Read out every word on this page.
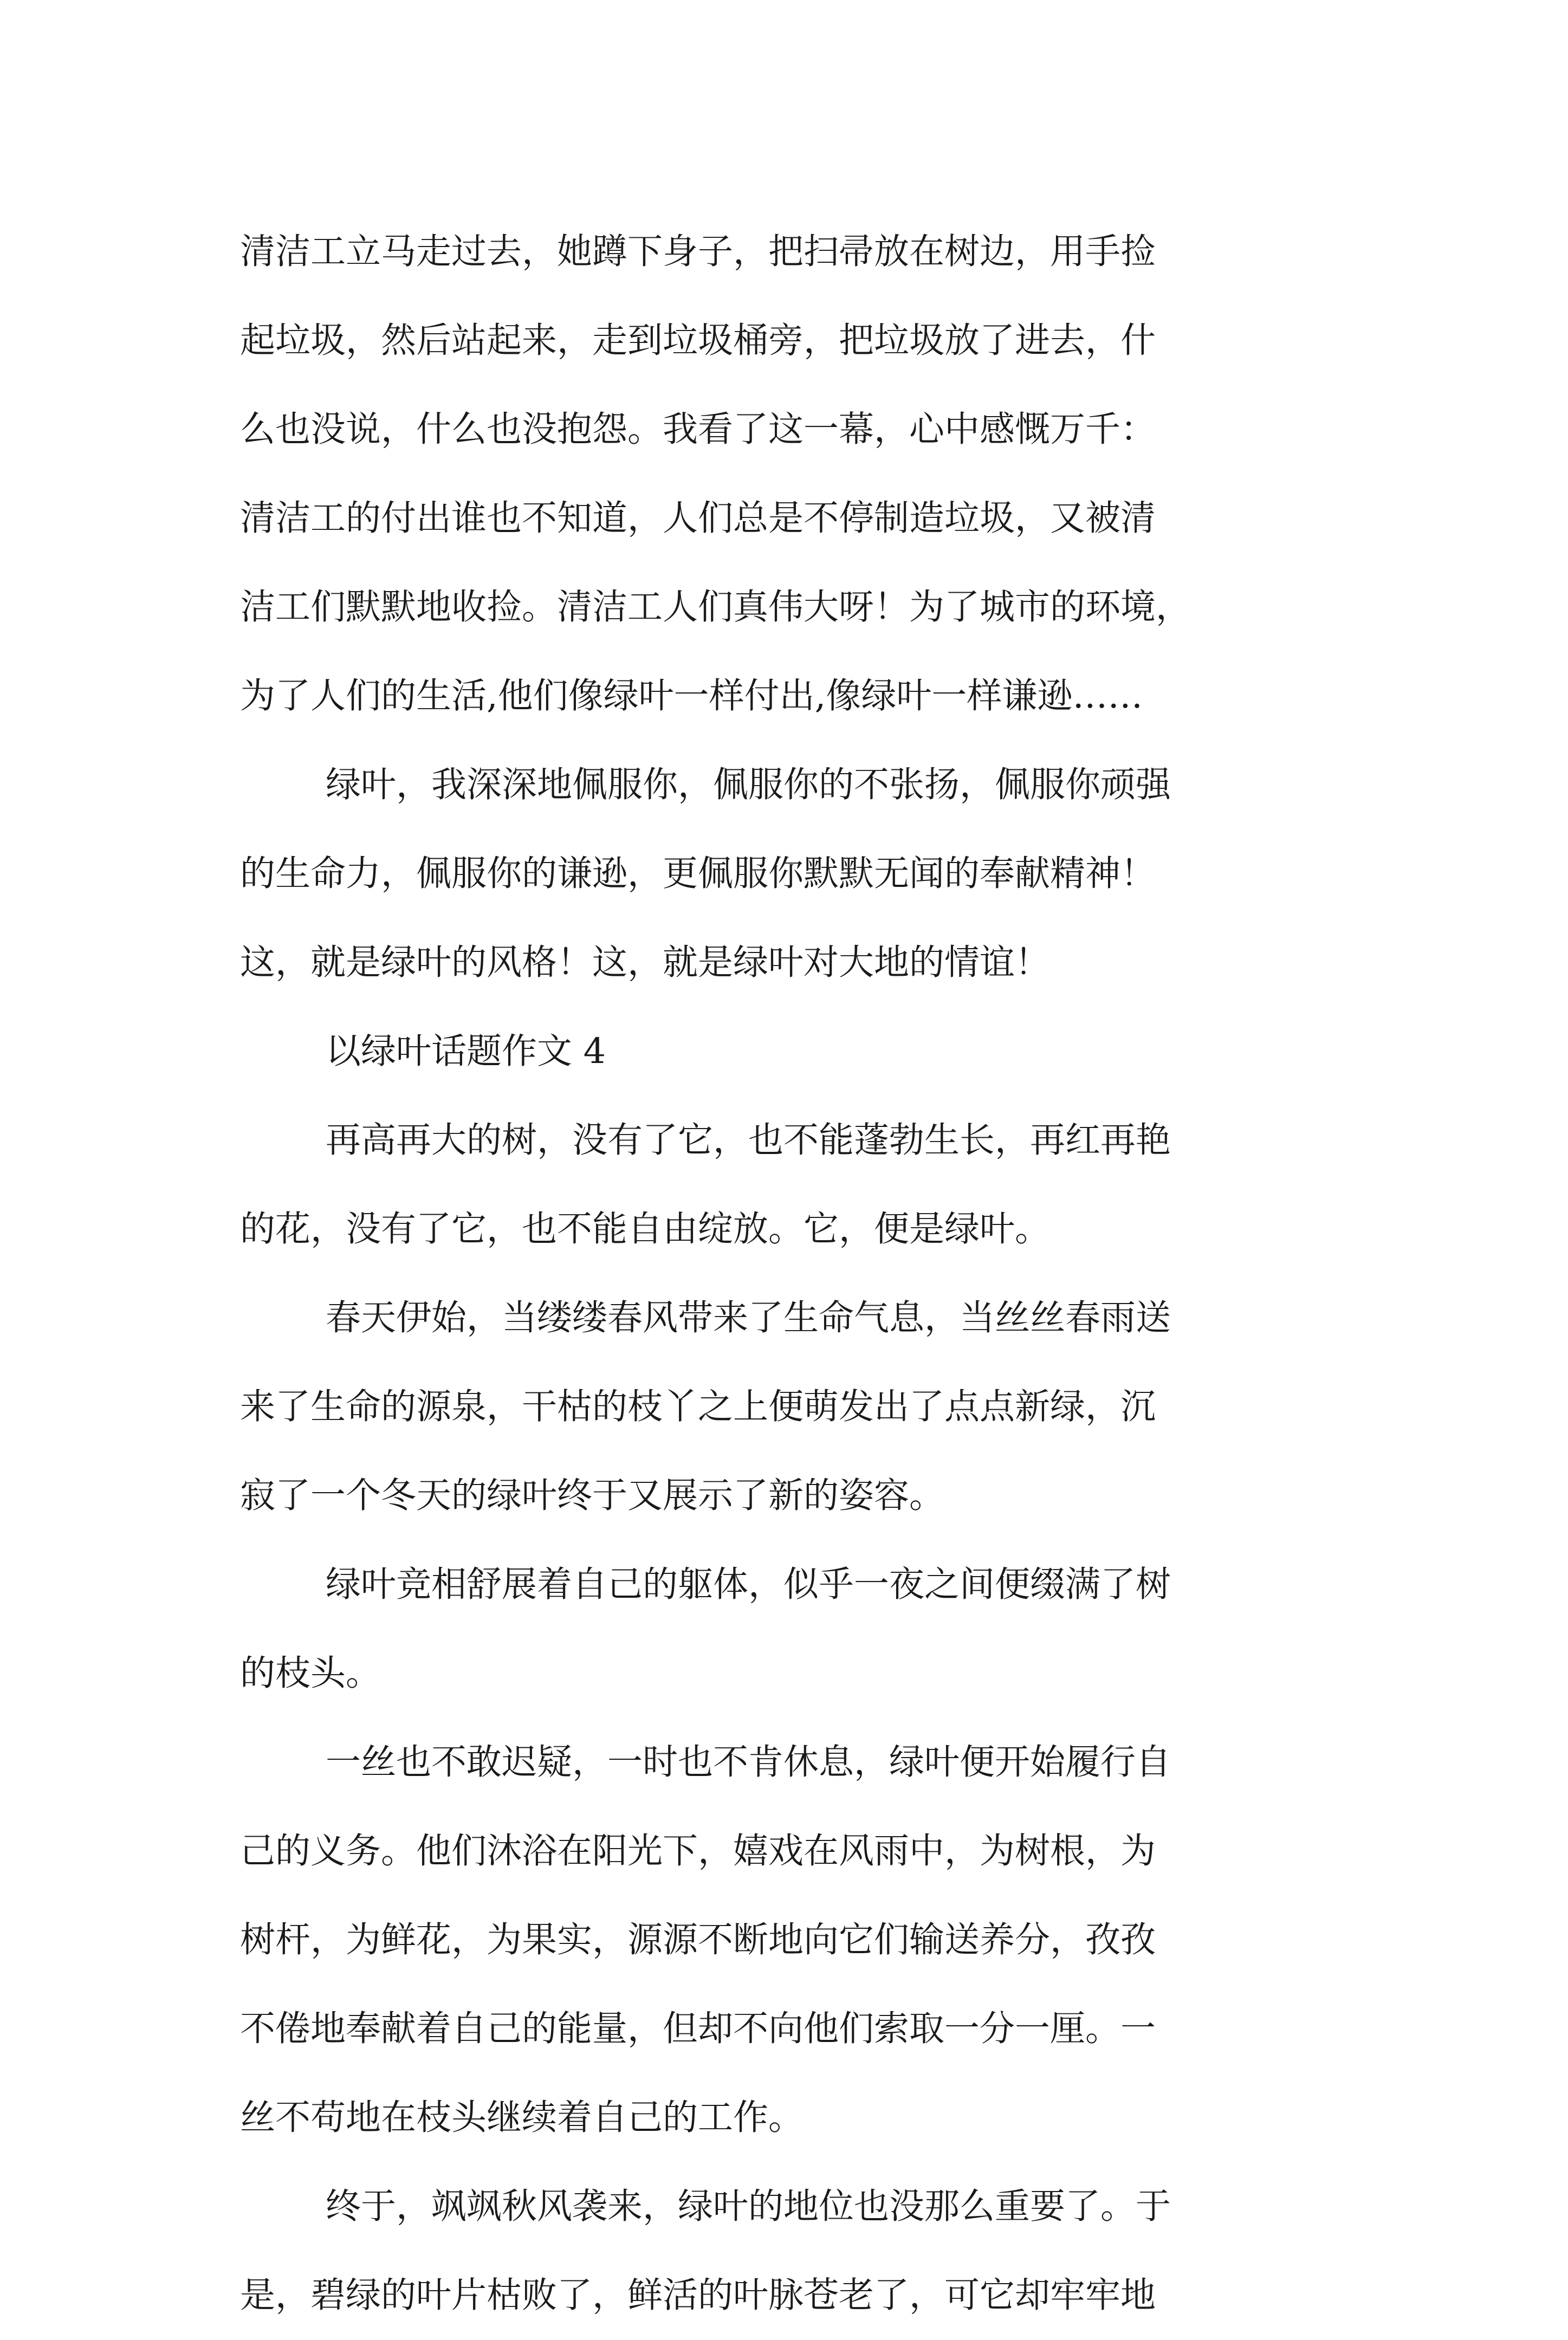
清洁工立马走过去，她蹲下身子，把扫帚放在树边，用手捡
起垃圾，然后站起来，走到垃圾桶旁，把垃圾放了进去，什
么也没说，什么也没抱怨。我看了这一幕，心中感慨万千：
清洁工的付出谁也不知道，人们总是不停制造垃圾，又被清
洁工们默默地收捡。清洁工人们真伟大呀！为了城市的环境，
为了人们的生活,他们像绿叶一样付出,像绿叶一样谦逊……
绿叶，我深深地佩服你，佩服你的不张扬，佩服你顽强
的生命力，佩服你的谦逊，更佩服你默默无闻的奉献精神！
这，就是绿叶的风格！这，就是绿叶对大地的情谊！
以绿叶话题作文 4
再高再大的树，没有了它，也不能蓬勃生长，再红再艳
的花，没有了它，也不能自由绽放。它，便是绿叶。
春天伊始，当缕缕春风带来了生命气息，当丝丝春雨送
来了生命的源泉，干枯的枝丫之上便萌发出了点点新绿，沉
寂了一个冬天的绿叶终于又展示了新的姿容。
绿叶竞相舒展着自己的躯体，似乎一夜之间便缀满了树
的枝头。
一丝也不敢迟疑，一时也不肯休息，绿叶便开始履行自
己的义务。他们沐浴在阳光下，嬉戏在风雨中，为树根，为
树杆，为鲜花，为果实，源源不断地向它们输送养分，孜孜
不倦地奉献着自己的能量，但却不向他们索取一分一厘。一
丝不苟地在枝头继续着自己的工作。
终于，飒飒秋风袭来，绿叶的地位也没那么重要了。于
是，碧绿的叶片枯败了，鲜活的叶脉苍老了，可它却牢牢地
